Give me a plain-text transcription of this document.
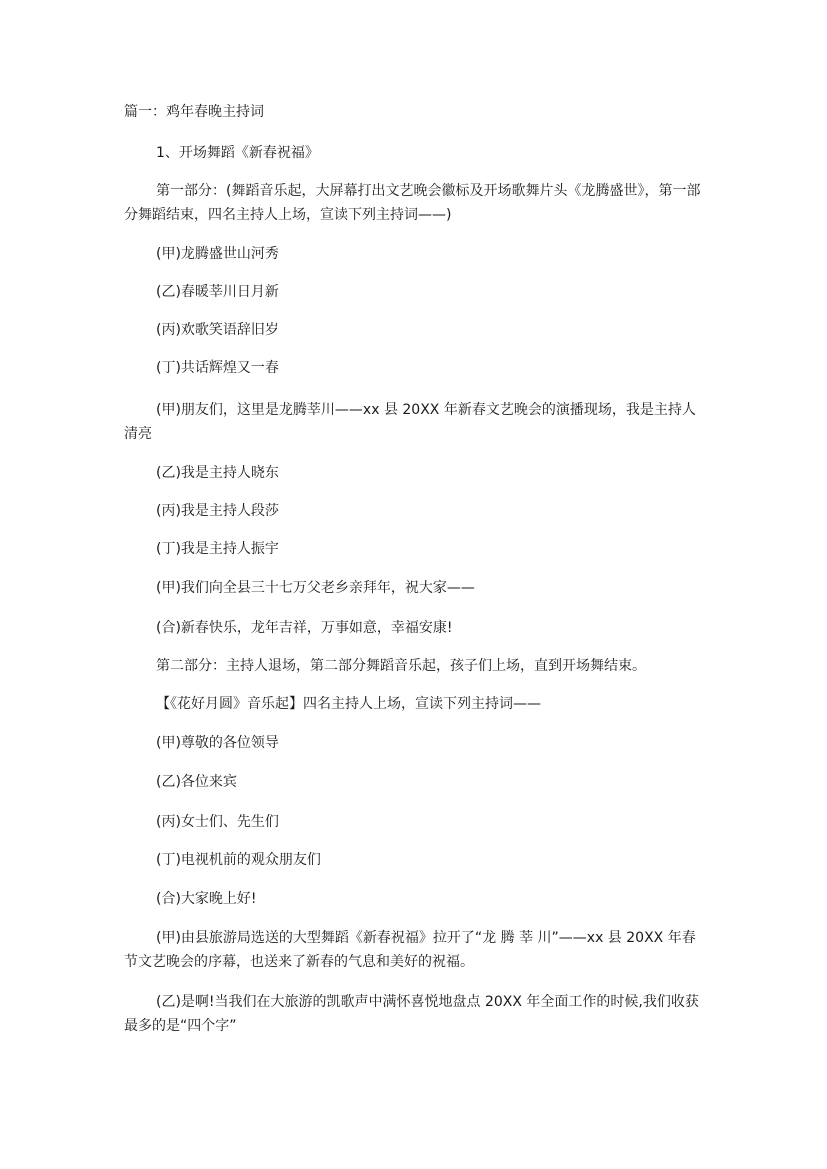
篇一：鸡年春晚主持词

1、开场舞蹈《新春祝福》

第一部分：(舞蹈音乐起，大屏幕打出文艺晚会徽标及开场歌舞片头《龙腾盛世》，第一部分舞蹈结束，四名主持人上场，宣读下列主持词——)

(甲)龙腾盛世山河秀

(乙)春暖莘川日月新

(丙)欢歌笑语辞旧岁

(丁)共话辉煌又一春

(甲)朋友们，这里是龙腾莘川——xx 县 20XX 年新春文艺晚会的演播现场，我是主持人清亮

(乙)我是主持人晓东

(丙)我是主持人段莎

(丁)我是主持人振宇

(甲)我们向全县三十七万父老乡亲拜年，祝大家——

(合)新春快乐，龙年吉祥，万事如意，幸福安康!

第二部分：主持人退场，第二部分舞蹈音乐起，孩子们上场，直到开场舞结束。

【《花好月圆》音乐起】四名主持人上场，宣读下列主持词——

(甲)尊敬的各位领导

(乙)各位来宾

(丙)女士们、先生们

(丁)电视机前的观众朋友们

(合)大家晚上好!

(甲)由县旅游局选送的大型舞蹈《新春祝福》拉开了“龙 腾 莘 川”——xx 县 20XX 年春节文艺晚会的序幕，也送来了新春的气息和美好的祝福。

(乙)是啊!当我们在大旅游的凯歌声中满怀喜悦地盘点 20XX 年全面工作的时候,我们收获最多的是“四个字”
